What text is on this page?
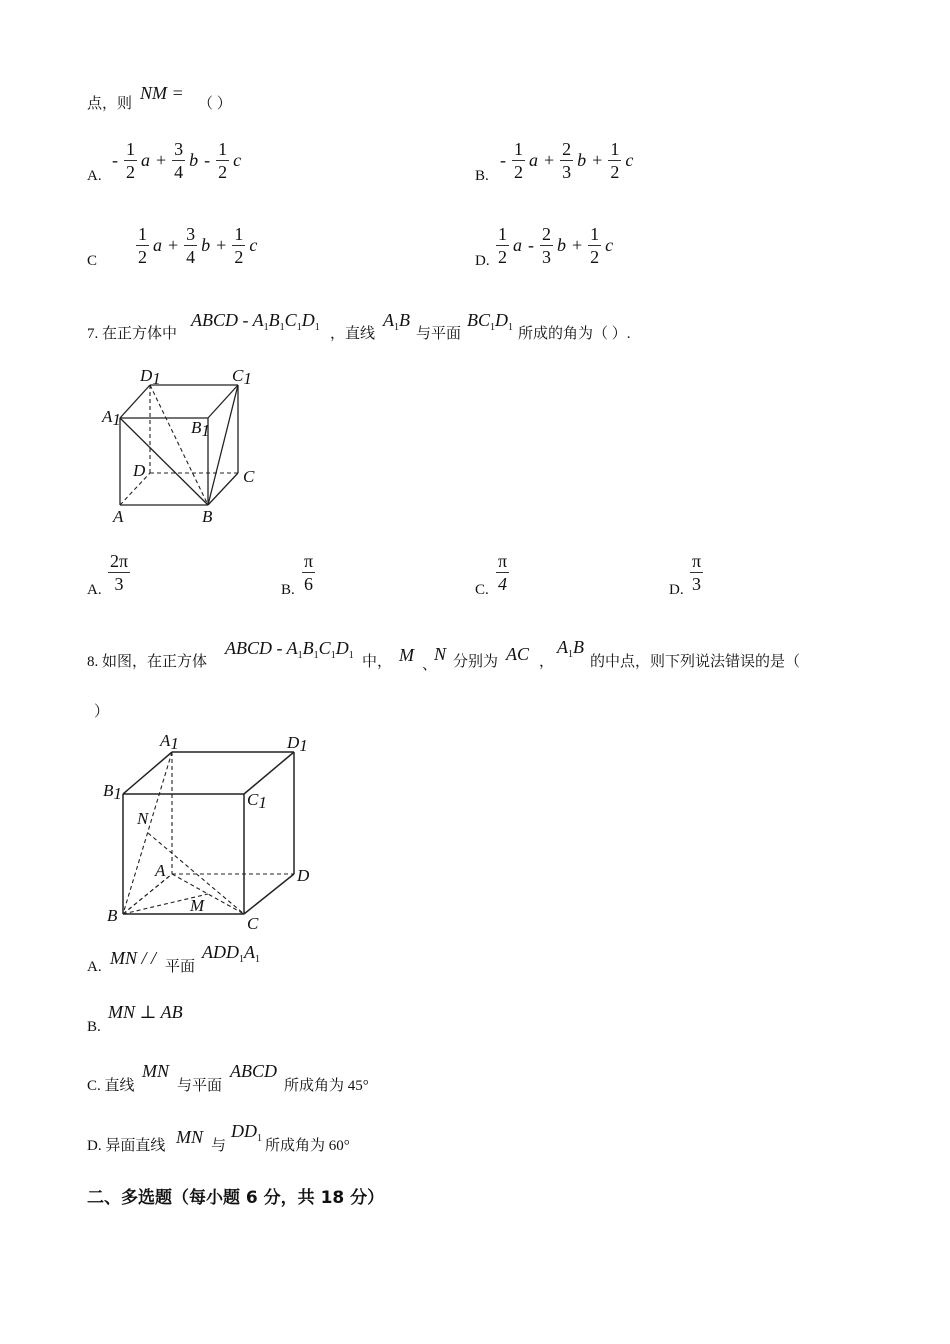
点，则
NM =
（ ）
A.
- $\frac{1}{2}$ $a + \frac{3}{4}$ b - $\frac{1}{2}$ c
B.
- $\frac{1}{2}$ $a + \frac{2}{3}$ $b + \frac{1}{2}$ c
C $\frac{1}{2}$ $a + \frac{3}{4}$ $b + \frac{1}{2}$ c
D. $\frac{1}{2}$ a - $\frac{2}{3}$ $b + \frac{1}{2}$ c
7. 在正方体中
ABCD - $A_1B_1C_1D_1$ ，直线
$A_1B$
与平面
$BC_1D_1$ 所成的角为（ ）.
D1	C1
A1	B1
D	C
A	B
A. $\frac{2\pi}{3}$	B. $\frac{\pi}{6}$	C. $\frac{\pi}{4}$	D. $\frac{\pi}{3}$
8. 如图，在正方体
ABCD - $A_1B_1C_1D_1$ 中， M 、
N 分别为 AC ，
$A_1B$
的中点，则下列说法错误的是（
）
A1	D1
B1	C1
N
A	D
M
B	C
A. MN / / 平面
$ADD_1A_1$
B.
MN ⊥ AB
C. 直线
MN
与平面
ABCD
所成角为 45°
D. 异面直线 MN 与
$DD_1$ 所成角为 60°
二、多选题（每小题 6 分，共 18 分）
